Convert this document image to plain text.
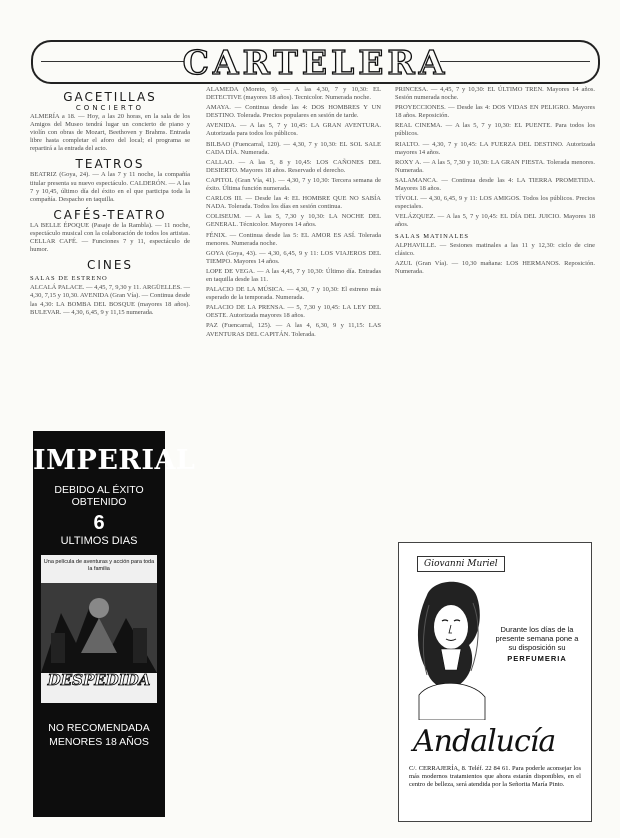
CARTELERA
GACETILLAS
CONCIERTO
ALMERÍA a 18. — Hoy, a las 20 horas, en la sala de los Amigos del Museo tendrá lugar un concierto de piano y violín con obras de Mozart, Beethoven y Brahms. Entrada libre hasta completar el aforo del local; el programa se repartirá a la entrada del acto.
TEATROS
BEATRIZ (Goya, 24). — A las 7 y 11 noche, la compañía titular presenta su nuevo espectáculo. CALDERÓN. — A las 7 y 10,45, último día del éxito en el que participa toda la compañía. Despacho en taquilla.
CAFÉS-TEATRO
LA BELLE ÉPOQUE (Pasaje de la Rambla). — 11 noche, espectáculo musical con la colaboración de todos los artistas. CELLAR CAFÉ. — Funciones 7 y 11, espectáculo de humor.
CINES
SALAS DE ESTRENO
ALCALÁ PALACE. — 4,45, 7, 9,30 y 11. ARGÜELLES. — 4,30, 7,15 y 10,30. AVENIDA (Gran Vía). — Continua desde las 4,30: LA BOMBA DEL BOSQUE (mayores 18 años). BULEVAR. — 4,30, 6,45, 9 y 11,15 numerada.
IMPERIAL
DEBIDO AL ÉXITO OBTENIDO
6
ULTIMOS DIAS
Una película de aventuras y acción para toda la familia
DESPEDIDA
NO RECOMENDADA
MENORES 18 AÑOS
ALAMEDA (Moreto, 9). — A las 4,30, 7 y 10,30: EL DETECTIVE (mayores 18 años). Tecnicolor. Numerada noche.
AMAYA. — Continua desde las 4: DOS HOMBRES Y UN DESTINO. Tolerada. Precios populares en sesión de tarde.
AVENIDA. — A las 5, 7 y 10,45: LA GRAN AVENTURA. Autorizada para todos los públicos.
BILBAO (Fuencarral, 120). — 4,30, 7 y 10,30: EL SOL SALE CADA DÍA. Numerada.
CALLAO. — A las 5, 8 y 10,45: LOS CAÑONES DEL DESIERTO. Mayores 18 años. Reservado el derecho.
CAPITOL (Gran Vía, 41). — 4,30, 7 y 10,30: Tercera semana de éxito. Última función numerada.
CARLOS III. — Desde las 4: EL HOMBRE QUE NO SABÍA NADA. Tolerada. Todos los días en sesión continua.
COLISEUM. — A las 5, 7,30 y 10,30: LA NOCHE DEL GENERAL. Técnicolor. Mayores 14 años.
FÉNIX. — Continua desde las 5: EL AMOR ES ASÍ. Tolerada menores. Numerada noche.
GOYA (Goya, 43). — 4,30, 6,45, 9 y 11: LOS VIAJEROS DEL TIEMPO. Mayores 14 años.
LOPE DE VEGA. — A las 4,45, 7 y 10,30: Último día. Entradas en taquilla desde las 11.
PALACIO DE LA MÚSICA. — 4,30, 7 y 10,30: El estreno más esperado de la temporada. Numerada.
PALACIO DE LA PRENSA. — 5, 7,30 y 10,45: LA LEY DEL OESTE. Autorizada mayores 18 años.
PAZ (Fuencarral, 125). — A las 4, 6,30, 9 y 11,15: LAS AVENTURAS DEL CAPITÁN. Tolerada.
PRINCESA. — 4,45, 7 y 10,30: EL ÚLTIMO TREN. Mayores 14 años. Sesión numerada noche.
PROYECCIONES. — Desde las 4: DOS VIDAS EN PELIGRO. Mayores 18 años. Reposición.
REAL CINEMA. — A las 5, 7 y 10,30: EL PUENTE. Para todos los públicos.
RIALTO. — 4,30, 7 y 10,45: LA FUERZA DEL DESTINO. Autorizada mayores 14 años.
ROXY A. — A las 5, 7,30 y 10,30: LA GRAN FIESTA. Tolerada menores. Numerada.
SALAMANCA. — Continua desde las 4: LA TIERRA PROMETIDA. Mayores 18 años.
TÍVOLI. — 4,30, 6,45, 9 y 11: LOS AMIGOS. Todos los públicos. Precios especiales.
VELÁZQUEZ. — A las 5, 7 y 10,45: EL DÍA DEL JUICIO. Mayores 18 años.
SALAS MATINALES
ALPHAVILLE. — Sesiones matinales a las 11 y 12,30: ciclo de cine clásico.
AZUL (Gran Vía). — 10,30 mañana: LOS HERMANOS. Reposición. Numerada.
Giovanni Muriel
Durante los días de la presente semana pone a su disposición su
PERFUMERIA
Andalucía
C/. CERRAJERÍA, 8. Teléf. 22 84 61. Para poderle aconsejar los más modernos tratamientos que ahora estarán disponibles, en el centro de belleza, será atendida por la Señorita María Pinto.
